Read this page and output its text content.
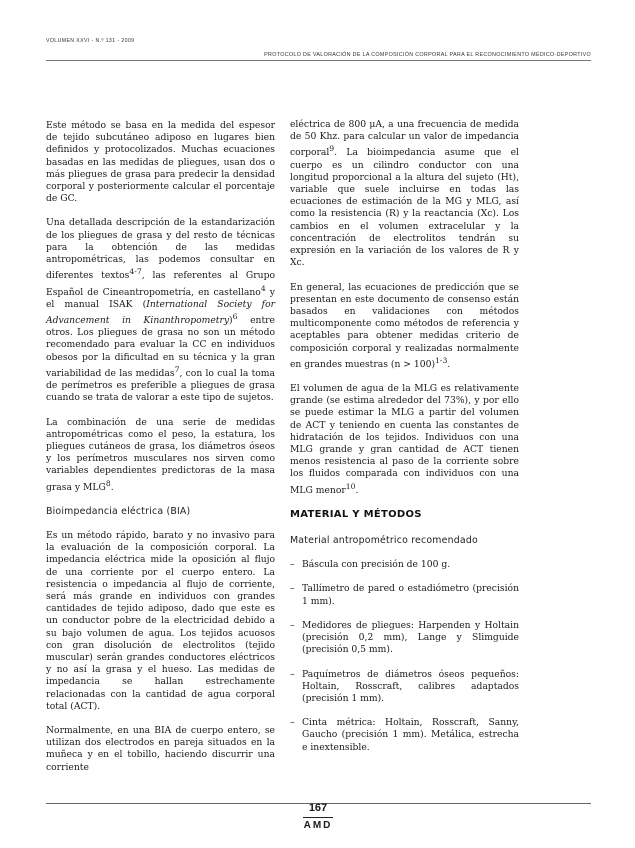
VOLUMEN XXVI - N.º 131 - 2009
PROTOCOLO DE VALORACIÓN DE LA COMPOSICIÓN CORPORAL PARA EL RECONOCIMIENTO MÉDICO-DEPORTIVO

Este método se basa en la medida del espesor de tejido subcutáneo adiposo en lugares bien definidos y protocolizados. Muchas ecuaciones basadas en las medidas de pliegues, usan dos o más pliegues de grasa para predecir la densidad corporal y posteriormente calcular el porcentaje de GC.

Una detallada descripción de la estandarización de los pliegues de grasa y del resto de técnicas para la obtención de las medidas antropométricas, las podemos consultar en diferentes textos$^{4-7}$, las referentes al Grupo Español de Cineantropometría, en castellano$^4$ y el manual ISAK (International Society for Advancement in Kinanthropometry)$^6$ entre otros. Los pliegues de grasa no son un método recomendado para evaluar la CC en individuos obesos por la dificultad en su técnica y la gran variabilidad de las medidas$^7$, con lo cual la toma de perímetros es preferible a pliegues de grasa cuando se trata de valorar a este tipo de sujetos.

La combinación de una serie de medidas antropométricas como el peso, la estatura, los pliegues cutáneos de grasa, los diámetros óseos y los perímetros musculares nos sirven como variables dependientes predictoras de la masa grasa y MLG$^8$.

Bioimpedancia eléctrica (BIA)

Es un método rápido, barato y no invasivo para la evaluación de la composición corporal. La impedancia eléctrica mide la oposición al flujo de una corriente por el cuerpo entero. La resistencia o impedancia al flujo de corriente, será más grande en individuos con grandes cantidades de tejido adiposo, dado que este es un conductor pobre de la electricidad debido a su bajo volumen de agua. Los tejidos acuosos con gran disolución de electrolitos (tejido muscular) serán grandes conductores eléctricos y no así la grasa y el hueso. Las medidas de impedancia se hallan estrechamente relacionadas con la cantidad de agua corporal total (ACT).

Normalmente, en una BIA de cuerpo entero, se utilizan dos electrodos en pareja situados en la muñeca y en el tobillo, haciendo discurrir una corriente

eléctrica de 800 μA, a una frecuencia de medida de 50 Khz. para calcular un valor de impedancia corporal$^9$. La bioimpedancia asume que el cuerpo es un cilindro conductor con una longitud proporcional a la altura del sujeto (Ht), variable que suele incluirse en todas las ecuaciones de estimación de la MG y MLG, así como la resistencia (R) y la reactancia (Xc). Los cambios en el volumen extracelular y la concentración de electrolitos tendrán su expresión en la variación de los valores de R y Xc.

En general, las ecuaciones de predicción que se presentan en este documento de consenso están basados en validaciones con métodos multicomponente como métodos de referencia y aceptables para obtener medidas criterio de composición corporal y realizadas normalmente en grandes muestras (n > 100)$^{1-3}$.

El volumen de agua de la MLG es relativamente grande (se estima alrededor del 73%), y por ello se puede estimar la MLG a partir del volumen de ACT y teniendo en cuenta las constantes de hidratación de los tejidos. Individuos con una MLG grande y gran cantidad de ACT tienen menos resistencia al paso de la corriente sobre los fluidos comparada con individuos con una MLG menor$^{10}$.

MATERIAL Y MÉTODOS
Material antropométrico recomendado
– Báscula con precisión de 100 g.
– Tallímetro de pared o estadiómetro (precisión 1 mm).
– Medidores de pliegues: Harpenden y Holtain (precisión 0,2 mm), Lange y Slimguide (precisión 0,5 mm).
– Paquímetros de diámetros óseos pequeños: Holtain, Rosscraft, calibres adaptados (precisión 1 mm).
– Cinta métrica: Holtain, Rosscraft, Sanny, Gaucho (precisión 1 mm). Metálica, estrecha e inextensible.
167
AMD
